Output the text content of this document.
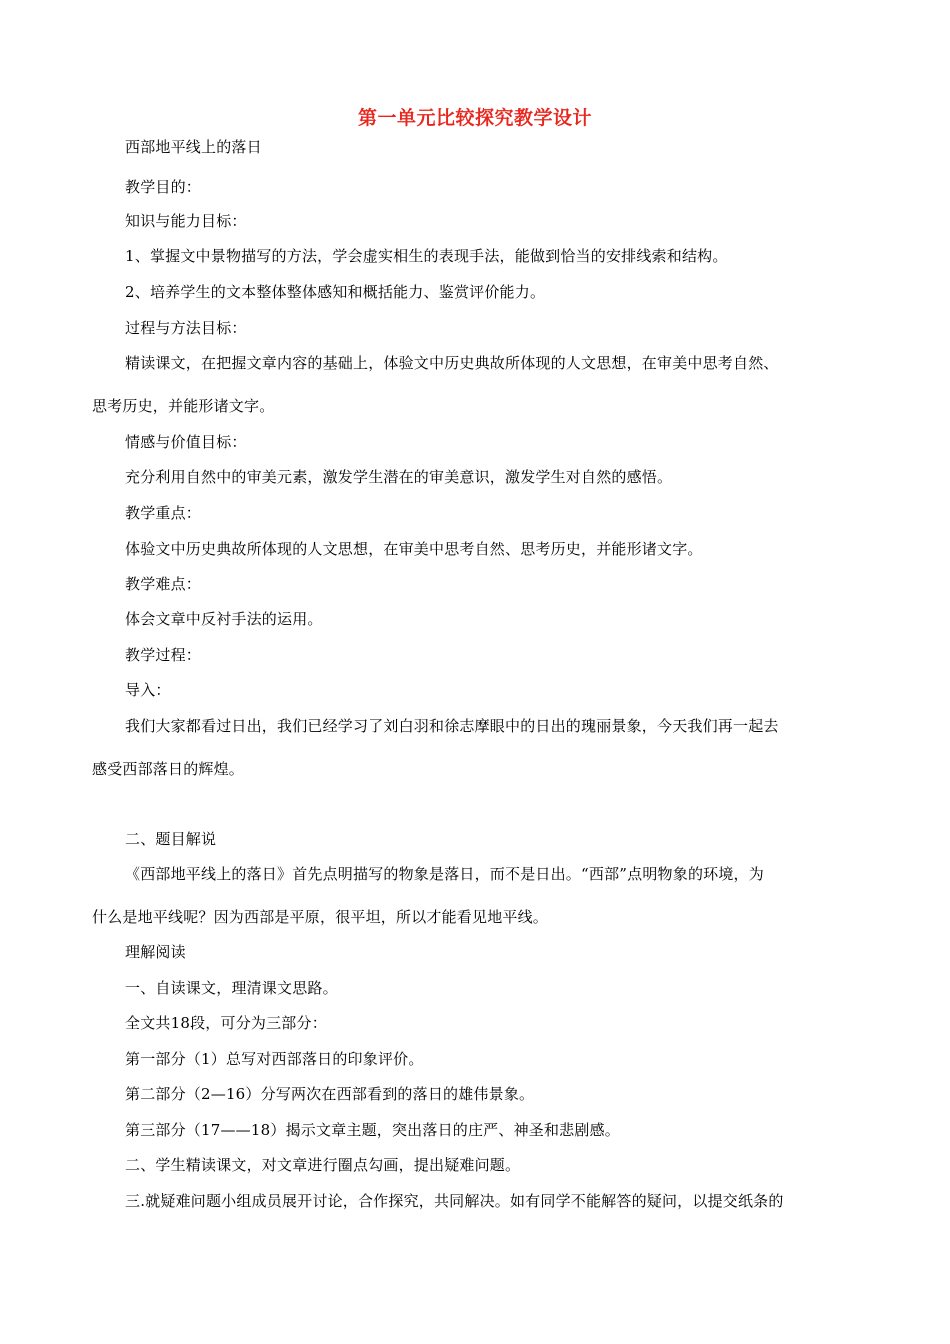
第一单元比较探究教学设计
西部地平线上的落日
教学目的：
知识与能力目标：
1、掌握文中景物描写的方法，学会虚实相生的表现手法，能做到恰当的安排线索和结构。
2、培养学生的文本整体整体感知和概括能力、鉴赏评价能力。
过程与方法目标：
精读课文，在把握文章内容的基础上，体验文中历史典故所体现的人文思想，在审美中思考自然、
思考历史，并能形诸文字。
情感与价值目标：
充分利用自然中的审美元素，激发学生潜在的审美意识，激发学生对自然的感悟。
教学重点：
体验文中历史典故所体现的人文思想，在审美中思考自然、思考历史，并能形诸文字。
教学难点：
体会文章中反衬手法的运用。
教学过程：
导入：
我们大家都看过日出，我们已经学习了刘白羽和徐志摩眼中的日出的瑰丽景象，今天我们再一起去
感受西部落日的辉煌。
二、题目解说
《西部地平线上的落日》首先点明描写的物象是落日，而不是日出。“西部”点明物象的环境，为
什么是地平线呢？因为西部是平原，很平坦，所以才能看见地平线。
理解阅读
一、自读课文，理清课文思路。
全文共18段，可分为三部分：
第一部分（1）总写对西部落日的印象评价。
第二部分（2—16）分写两次在西部看到的落日的雄伟景象。
第三部分（17——18）揭示文章主题，突出落日的庄严、神圣和悲剧感。
二、学生精读课文，对文章进行圈点勾画，提出疑难问题。
三.就疑难问题小组成员展开讨论，合作探究，共同解决。如有同学不能解答的疑问，以提交纸条的
